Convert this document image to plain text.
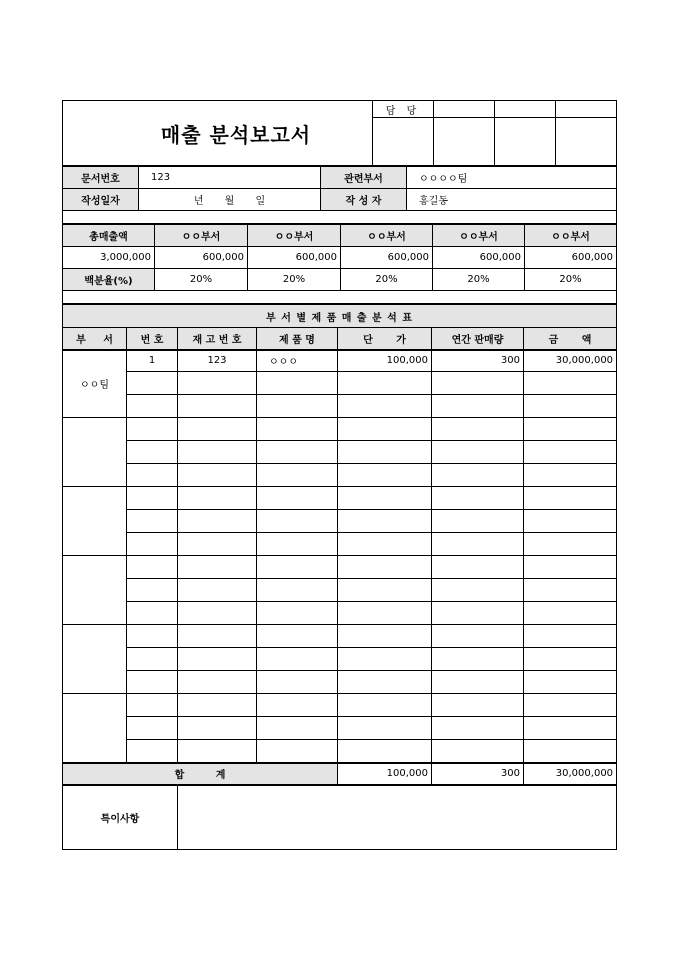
매출 분석보고서	담 당			

문서번호	123	관련부서	ㅇㅇㅇㅇ팀
작성일자	년 월 일	작 성 자	홍길동

총매출액	ㅇㅇ부서	ㅇㅇ부서	ㅇㅇ부서	ㅇㅇ부서	ㅇㅇ부서
3,000,000	600,000	600,000	600,000	600,000	600,000
백분율(%)	20%	20%	20%	20%	20%

부 서 별 제 품 매 출 분 석 표						
부 서	번 호	재 고 번 호	제 품 명	단 가	연간 판매량	금 액
ㅇㅇ팀	1	123	ㅇㅇㅇ	100,000	300	30,000,000

합 계				100,000	300	30,000,000
특이사항	
